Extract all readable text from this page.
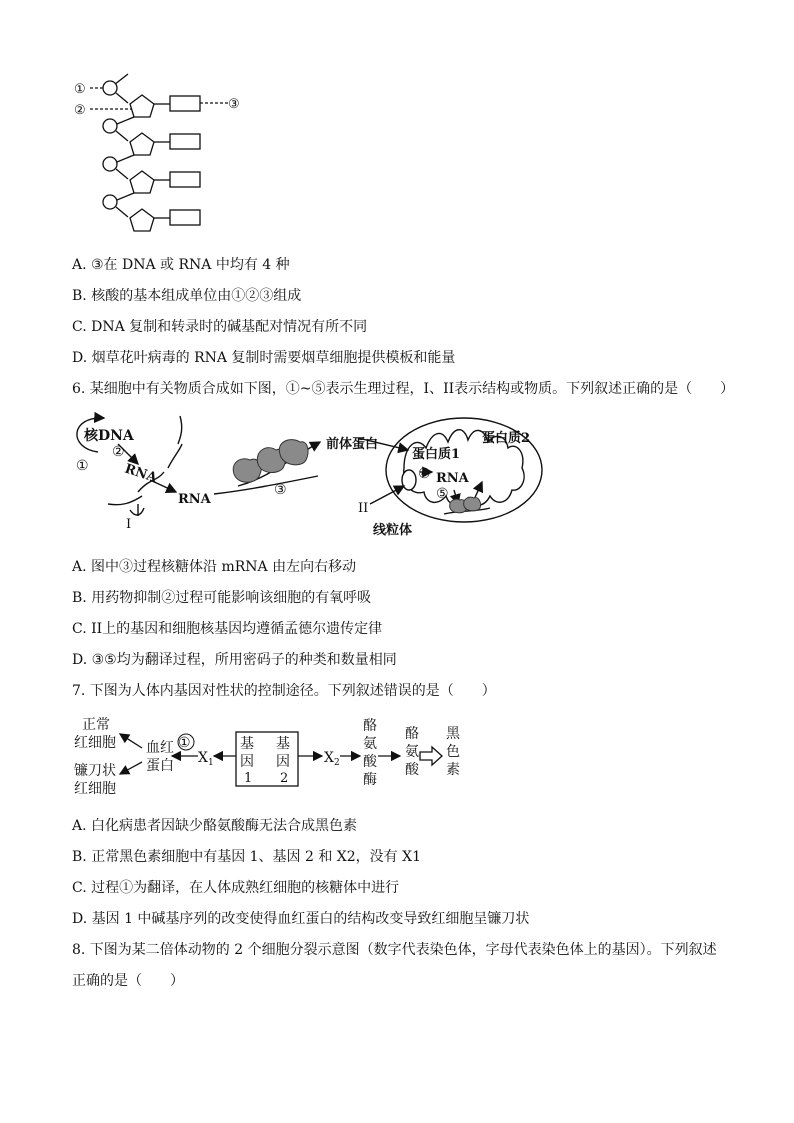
①
②	③
A. ③在 DNA 或 RNA 中均有 4 种
B. 核酸的基本组成单位由①②③组成
C. DNA 复制和转录时的碱基配对情况有所不同
D. 烟草花叶病毒的 RNA 复制时需要烟草细胞提供模板和能量
6. 某细胞中有关物质合成如下图，①~⑤表示生理过程，I、II表示结构或物质。下列叙述正确的是（　　）
核DNA
①
②
RNA
I
RNA
③
前体蛋白
蛋白质1
④ RNA
蛋白质2
⑤
II
线粒体
A. 图中③过程核糖体沿 mRNA 由左向右移动
B. 用药物抑制②过程可能影响该细胞的有氧呼吸
C. II上的基因和细胞核基因均遵循孟德尔遗传定律
D. ③⑤均为翻译过程，所用密码子的种类和数量相同
7. 下图为人体内基因对性状的控制途径。下列叙述错误的是（　　）
正常
红细胞
镰刀状
红细胞
血红
蛋白
①
X 1
基
因
1
基
因
2
X 2
酪
氨
酸
酶
酪
氨
酸
黑
色
素
A. 白化病患者因缺少酪氨酸酶无法合成黑色素
B. 正常黑色素细胞中有基因 1、基因 2 和 X2，没有 X1
C. 过程①为翻译，在人体成熟红细胞的核糖体中进行
D. 基因 1 中碱基序列的改变使得血红蛋白的结构改变导致红细胞呈镰刀状
8. 下图为某二倍体动物的 2 个细胞分裂示意图（数字代表染色体，字母代表染色体上的基因）。下列叙述
正确的是（　　）
